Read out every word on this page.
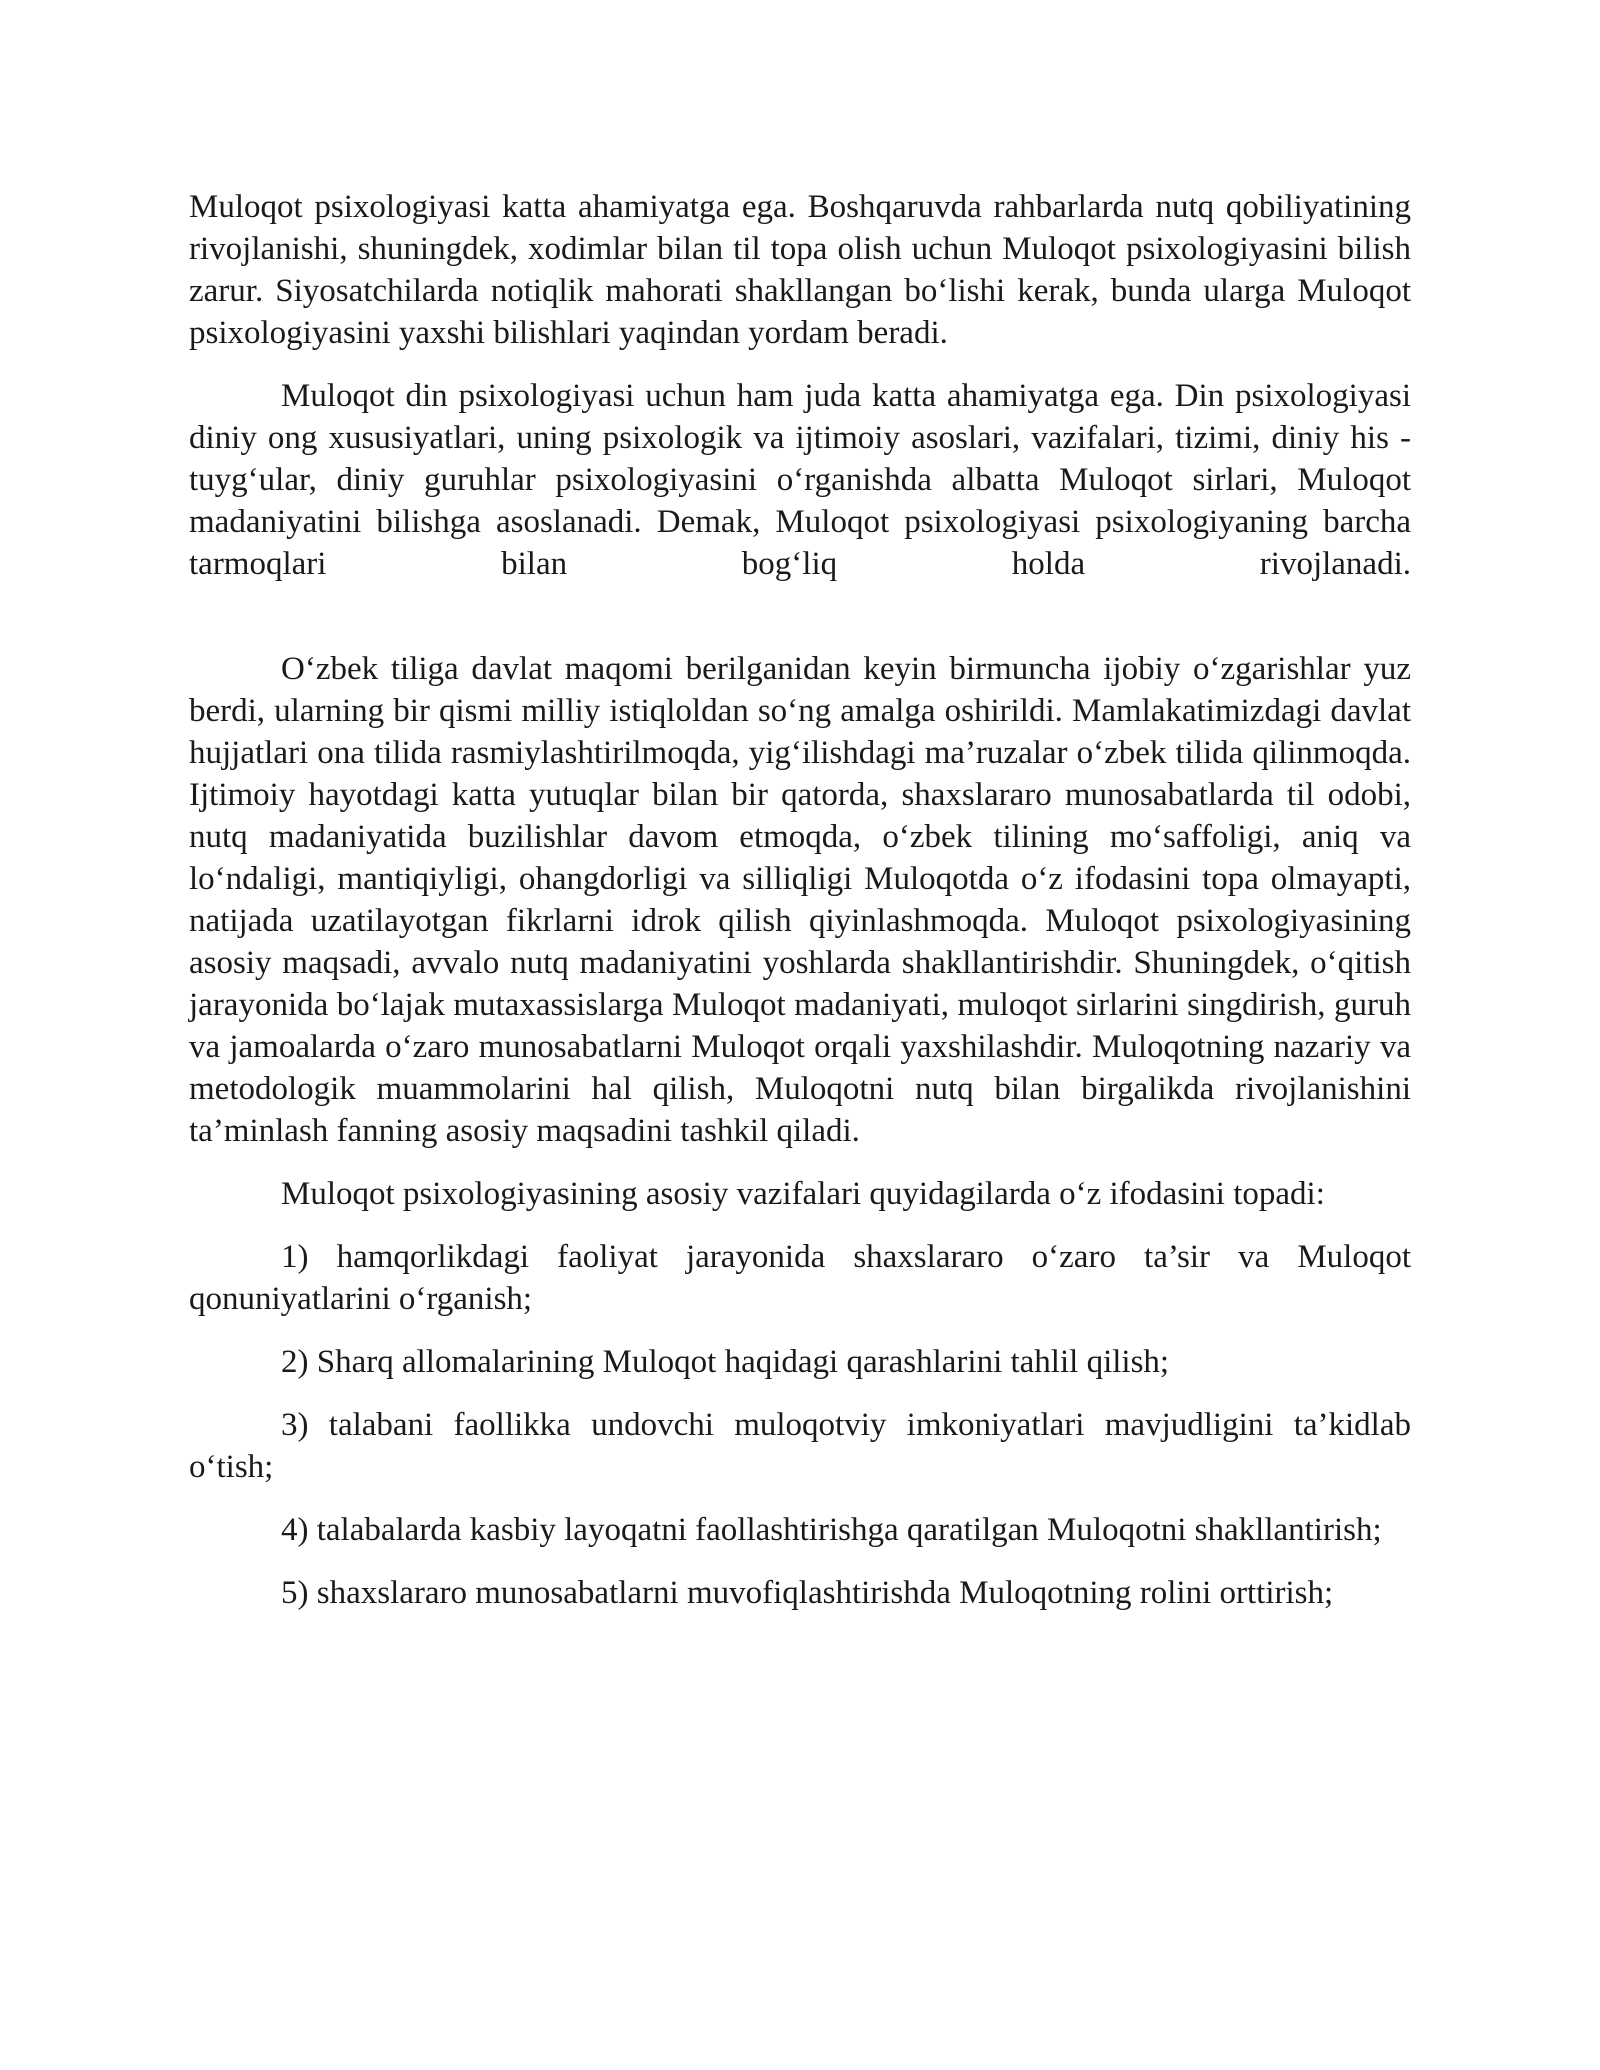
Muloqot psixologiyasi katta ahamiyatga ega. Boshqaruvda rahbarlarda nutq qobiliyatining rivojlanishi, shuningdek, xodimlar bilan til topa olish uchun Muloqot psixologiyasini bilish zarur. Siyosatchilarda notiqlik mahorati shakllangan bo‘lishi kerak, bunda ularga Muloqot psixologiyasini yaxshi bilishlari yaqindan yordam beradi.

Muloqot din psixologiyasi uchun ham juda katta ahamiyatga ega. Din psixologiyasi diniy ong xususiyatlari, uning psixologik va ijtimoiy asoslari, vazifalari, tizimi, diniy his - tuyg‘ular, diniy guruhlar psixologiyasini o‘rganishda albatta Muloqot sirlari, Muloqot madaniyatini bilishga asoslanadi. Demak, Muloqot psixologiyasi psixologiyaning barcha tarmoqlari bilan bog‘liq holda rivojlanadi.

O‘zbek tiliga davlat maqomi berilganidan keyin birmuncha ijobiy o‘zgarishlar yuz berdi, ularning bir qismi milliy istiqloldan so‘ng amalga oshirildi. Mamlakatimizdagi davlat hujjatlari ona tilida rasmiylashtirilmoqda, yig‘ilishdagi ma’ruzalar o‘zbek tilida qilinmoqda. Ijtimoiy hayotdagi katta yutuqlar bilan bir qatorda, shaxslararo munosabatlarda til odobi, nutq madaniyatida buzilishlar davom etmoqda, o‘zbek tilining mo‘saffoligi, aniq va lo‘ndaligi, mantiqiyligi, ohangdorligi va silliqligi Muloqotda o‘z ifodasini topa olmayapti, natijada uzatilayotgan fikrlarni idrok qilish qiyinlashmoqda. Muloqot psixologiyasining asosiy maqsadi, avvalo nutq madaniyatini yoshlarda shakllantirishdir. Shuningdek, o‘qitish jarayonida bo‘lajak mutaxassislarga Muloqot madaniyati, muloqot sirlarini singdirish, guruh va jamoalarda o‘zaro munosabatlarni Muloqot orqali yaxshilashdir. Muloqotning nazariy va metodologik muammolarini hal qilish, Muloqotni nutq bilan birgalikda rivojlanishini ta’minlash fanning asosiy maqsadini tashkil qiladi.

Muloqot psixologiyasining asosiy vazifalari quyidagilarda o‘z ifodasini topadi:

1) hamqorlikdagi faoliyat jarayonida shaxslararo o‘zaro ta’sir va Muloqot qonuniyatlarini o‘rganish;

2) Sharq allomalarining Muloqot haqidagi qarashlarini tahlil qilish;

3) talabani faollikka undovchi muloqotviy imkoniyatlari mavjudligini ta’kidlab o‘tish;

4) talabalarda kasbiy layoqatni faollashtirishga qaratilgan Muloqotni shakllantirish;

5) shaxslararo munosabatlarni muvofiqlashtirishda Muloqotning rolini orttirish;
